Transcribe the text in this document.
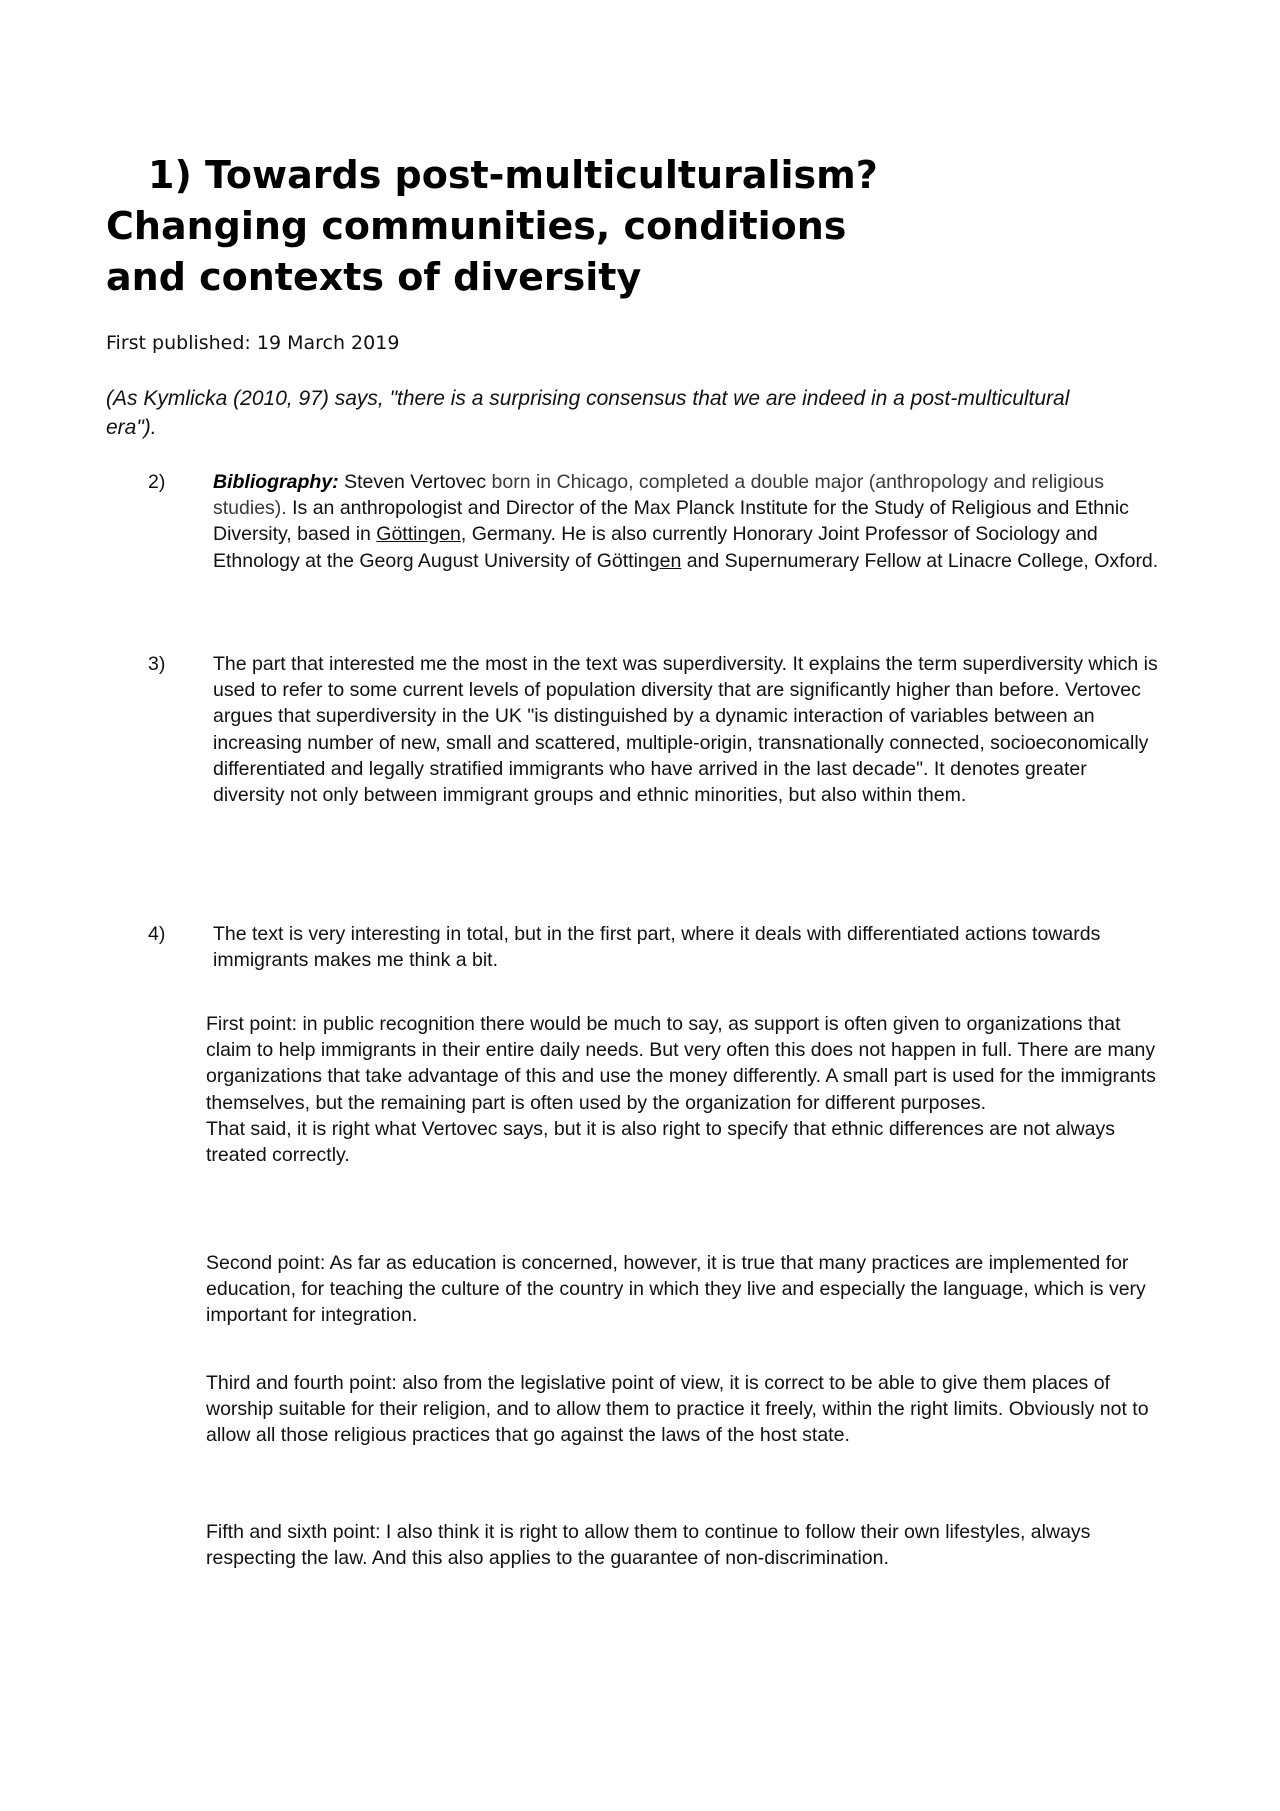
1) Towards post-multiculturalism?
Changing communities, conditions
and contexts of diversity
First published: 19 March 2019

(As Kymlicka (2010, 97) says, "there is a surprising consensus that we are indeed in a post-multicultural era").

2) Bibliography: Steven Vertovec born in Chicago, completed a double major (anthropology and religious studies). Is an anthropologist and Director of the Max Planck Institute for the Study of Religious and Ethnic Diversity, based in Göttingen, Germany. He is also currently Honorary Joint Professor of Sociology and Ethnology at the Georg August University of Göttingen and Supernumerary Fellow at Linacre College, Oxford.

3) The part that interested me the most in the text was superdiversity. It explains the term superdiversity which is used to refer to some current levels of population diversity that are significantly higher than before. Vertovec argues that superdiversity in the UK "is distinguished by a dynamic interaction of variables between an increasing number of new, small and scattered, multiple-origin, transnationally connected, socioeconomically differentiated and legally stratified immigrants who have arrived in the last decade". It denotes greater diversity not only between immigrant groups and ethnic minorities, but also within them.

4) The text is very interesting in total, but in the first part, where it deals with differentiated actions towards immigrants makes me think a bit.

First point: in public recognition there would be much to say, as support is often given to organizations that claim to help immigrants in their entire daily needs. But very often this does not happen in full. There are many organizations that take advantage of this and use the money differently. A small part is used for the immigrants themselves, but the remaining part is often used by the organization for different purposes.
That said, it is right what Vertovec says, but it is also right to specify that ethnic differences are not always treated correctly.

Second point: As far as education is concerned, however, it is true that many practices are implemented for education, for teaching the culture of the country in which they live and especially the language, which is very important for integration.

Third and fourth point: also from the legislative point of view, it is correct to be able to give them places of worship suitable for their religion, and to allow them to practice it freely, within the right limits. Obviously not to allow all those religious practices that go against the laws of the host state.

Fifth and sixth point: I also think it is right to allow them to continue to follow their own lifestyles, always respecting the law. And this also applies to the guarantee of non-discrimination.
